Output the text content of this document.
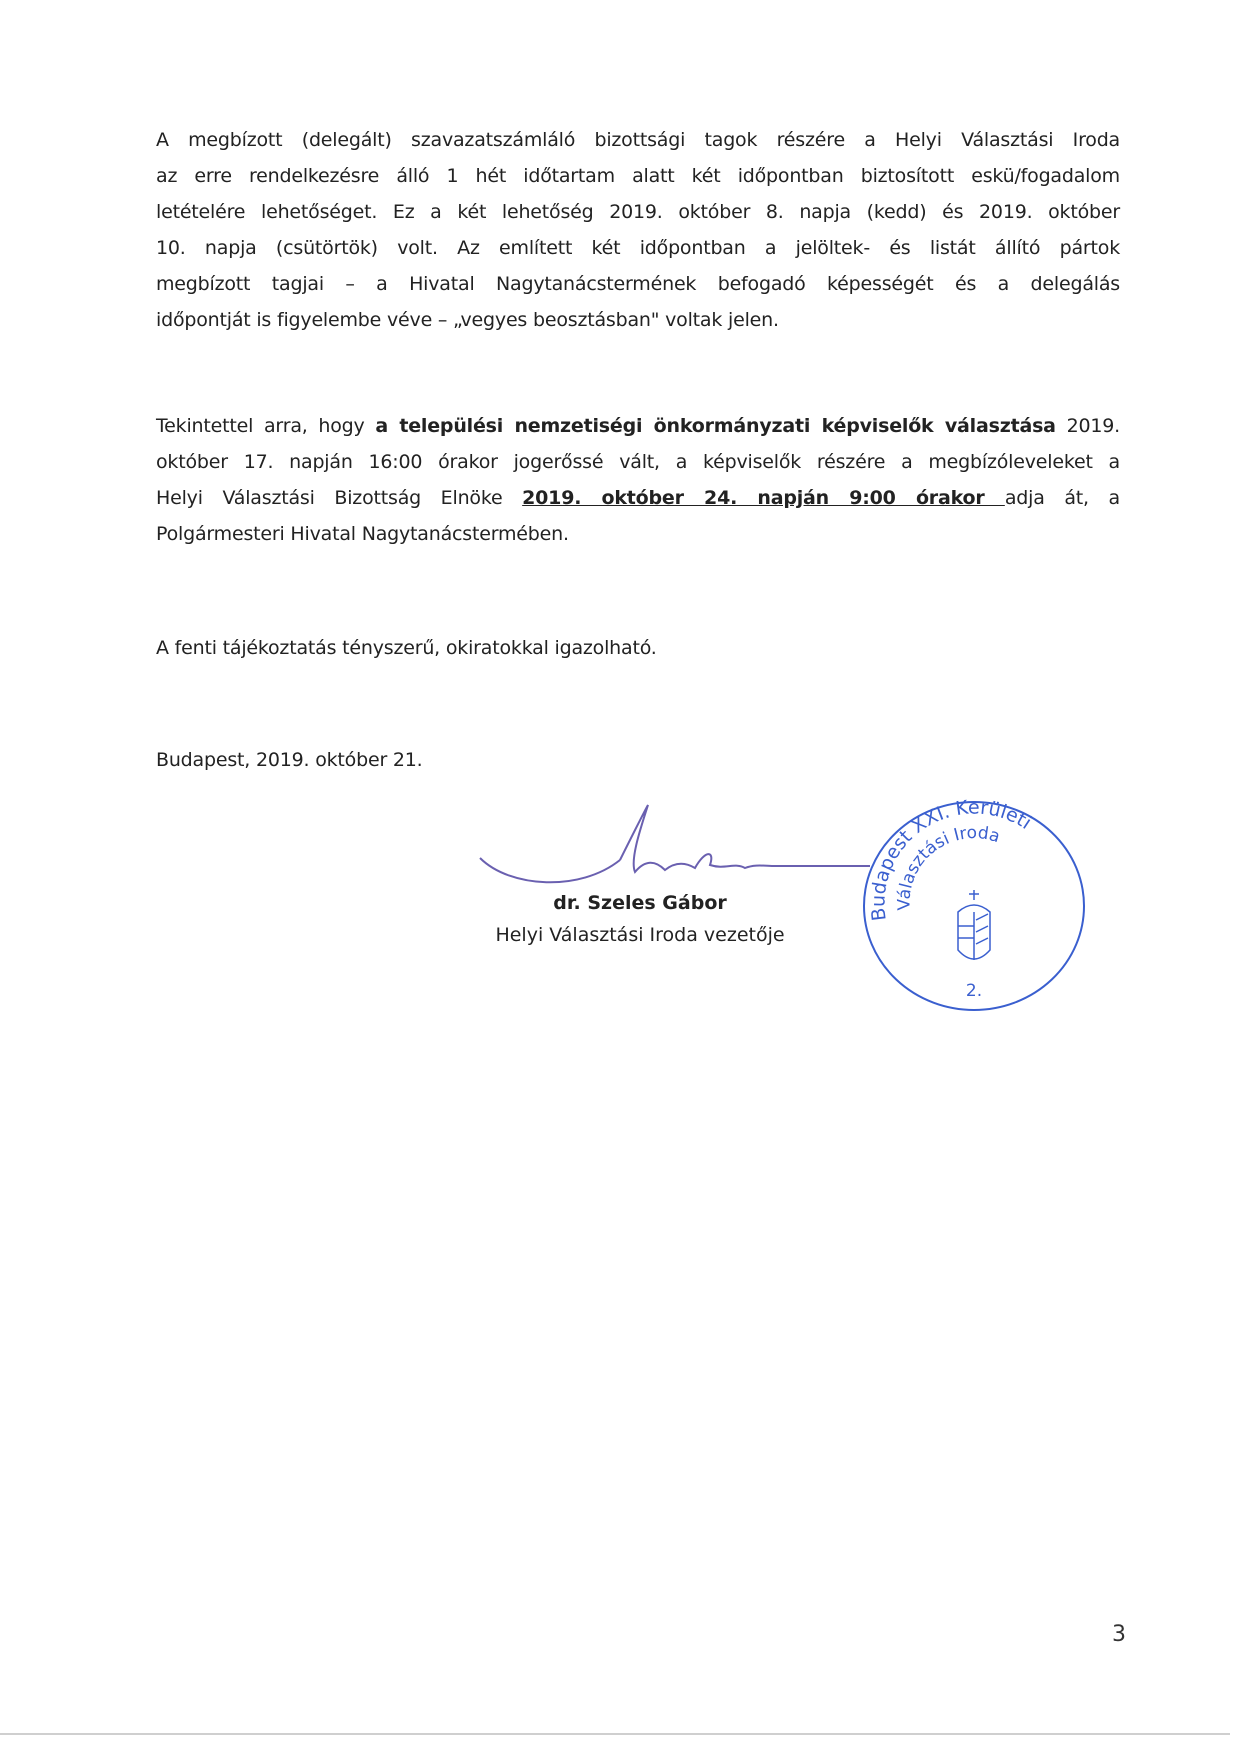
A megbízott (delegált) szavazatszámláló bizottsági tagok részére a Helyi Választási Iroda
az erre rendelkezésre álló 1 hét időtartam alatt két időpontban biztosított eskü/fogadalom
letételére lehetőséget. Ez a két lehetőség 2019. október 8. napja (kedd) és 2019. október
10. napja (csütörtök) volt. Az említett két időpontban a jelöltek- és listát állító pártok
megbízott tagjai – a Hivatal Nagytanácstermének befogadó képességét és a delegálás
időpontját is figyelembe véve – „vegyes beosztásban" voltak jelen.
Tekintettel arra, hogy a települési nemzetiségi önkormányzati képviselők választása 2019.
október 17. napján 16:00 órakor jogerőssé vált, a képviselők részére a megbízóleveleket a
Helyi Választási Bizottság Elnöke 2019. október 24. napján 9:00 órakor adja át, a
Polgármesteri Hivatal Nagytanácstermében.
A fenti tájékoztatás tényszerű, okiratokkal igazolható.
Budapest, 2019. október 21.
dr. Szeles Gábor
Helyi Választási Iroda vezetője
Budapest XXI. Kerületi
Választási Iroda
2.
3
